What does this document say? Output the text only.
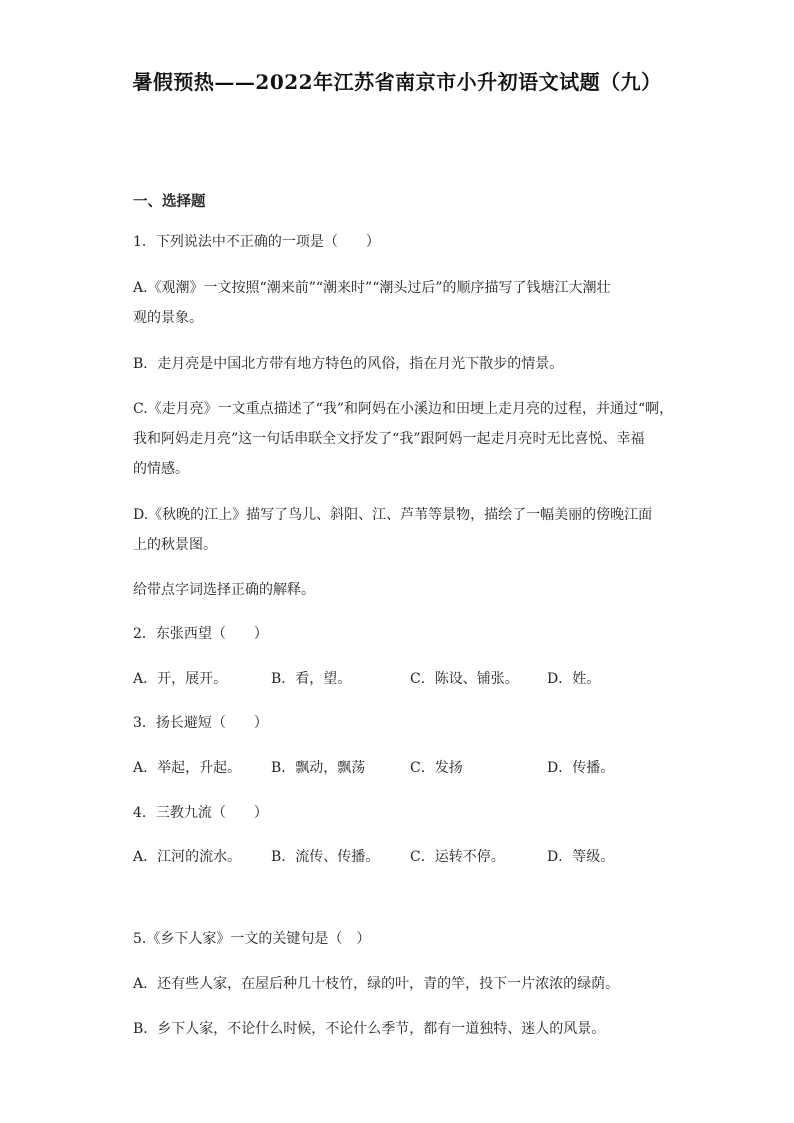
暑假预热——2022年江苏省南京市小升初语文试题（九）
一、选择题
1．下列说法中不正确的一项是（　　）
A.《观潮》一文按照“潮来前”“潮来时”“潮头过后”的顺序描写了钱塘江大潮壮
观的景象。
B．走月亮是中国北方带有地方特色的风俗，指在月光下散步的情景。
C.《走月亮》一文重点描述了“我”和阿妈在小溪边和田埂上走月亮的过程，并通过“啊，
我和阿妈走月亮”这一句话串联全文抒发了“我”跟阿妈一起走月亮时无比喜悦、幸福
的情感。
D.《秋晚的江上》描写了鸟儿、斜阳、江、芦苇等景物，描绘了一幅美丽的傍晚江面
上的秋景图。
给带点字词选择正确的解释。
2．东张西望（　　）
A．开，展开。	B．看，望。	C．陈设、铺张。 D．姓。
3．扬长避短（　　）
A．举起，升起。 B．飘动，飘荡	C．发扬	D．传播。
4．三教九流（　　）
A．江河的流水。 B．流传、传播。 C．运转不停。	D．等级。
5.《乡下人家》一文的关键句是（　）
A．还有些人家，在屋后种几十枝竹，绿的叶，青的竿，投下一片浓浓的绿荫。
B．乡下人家，不论什么时候，不论什么季节，都有一道独特、迷人的风景。
